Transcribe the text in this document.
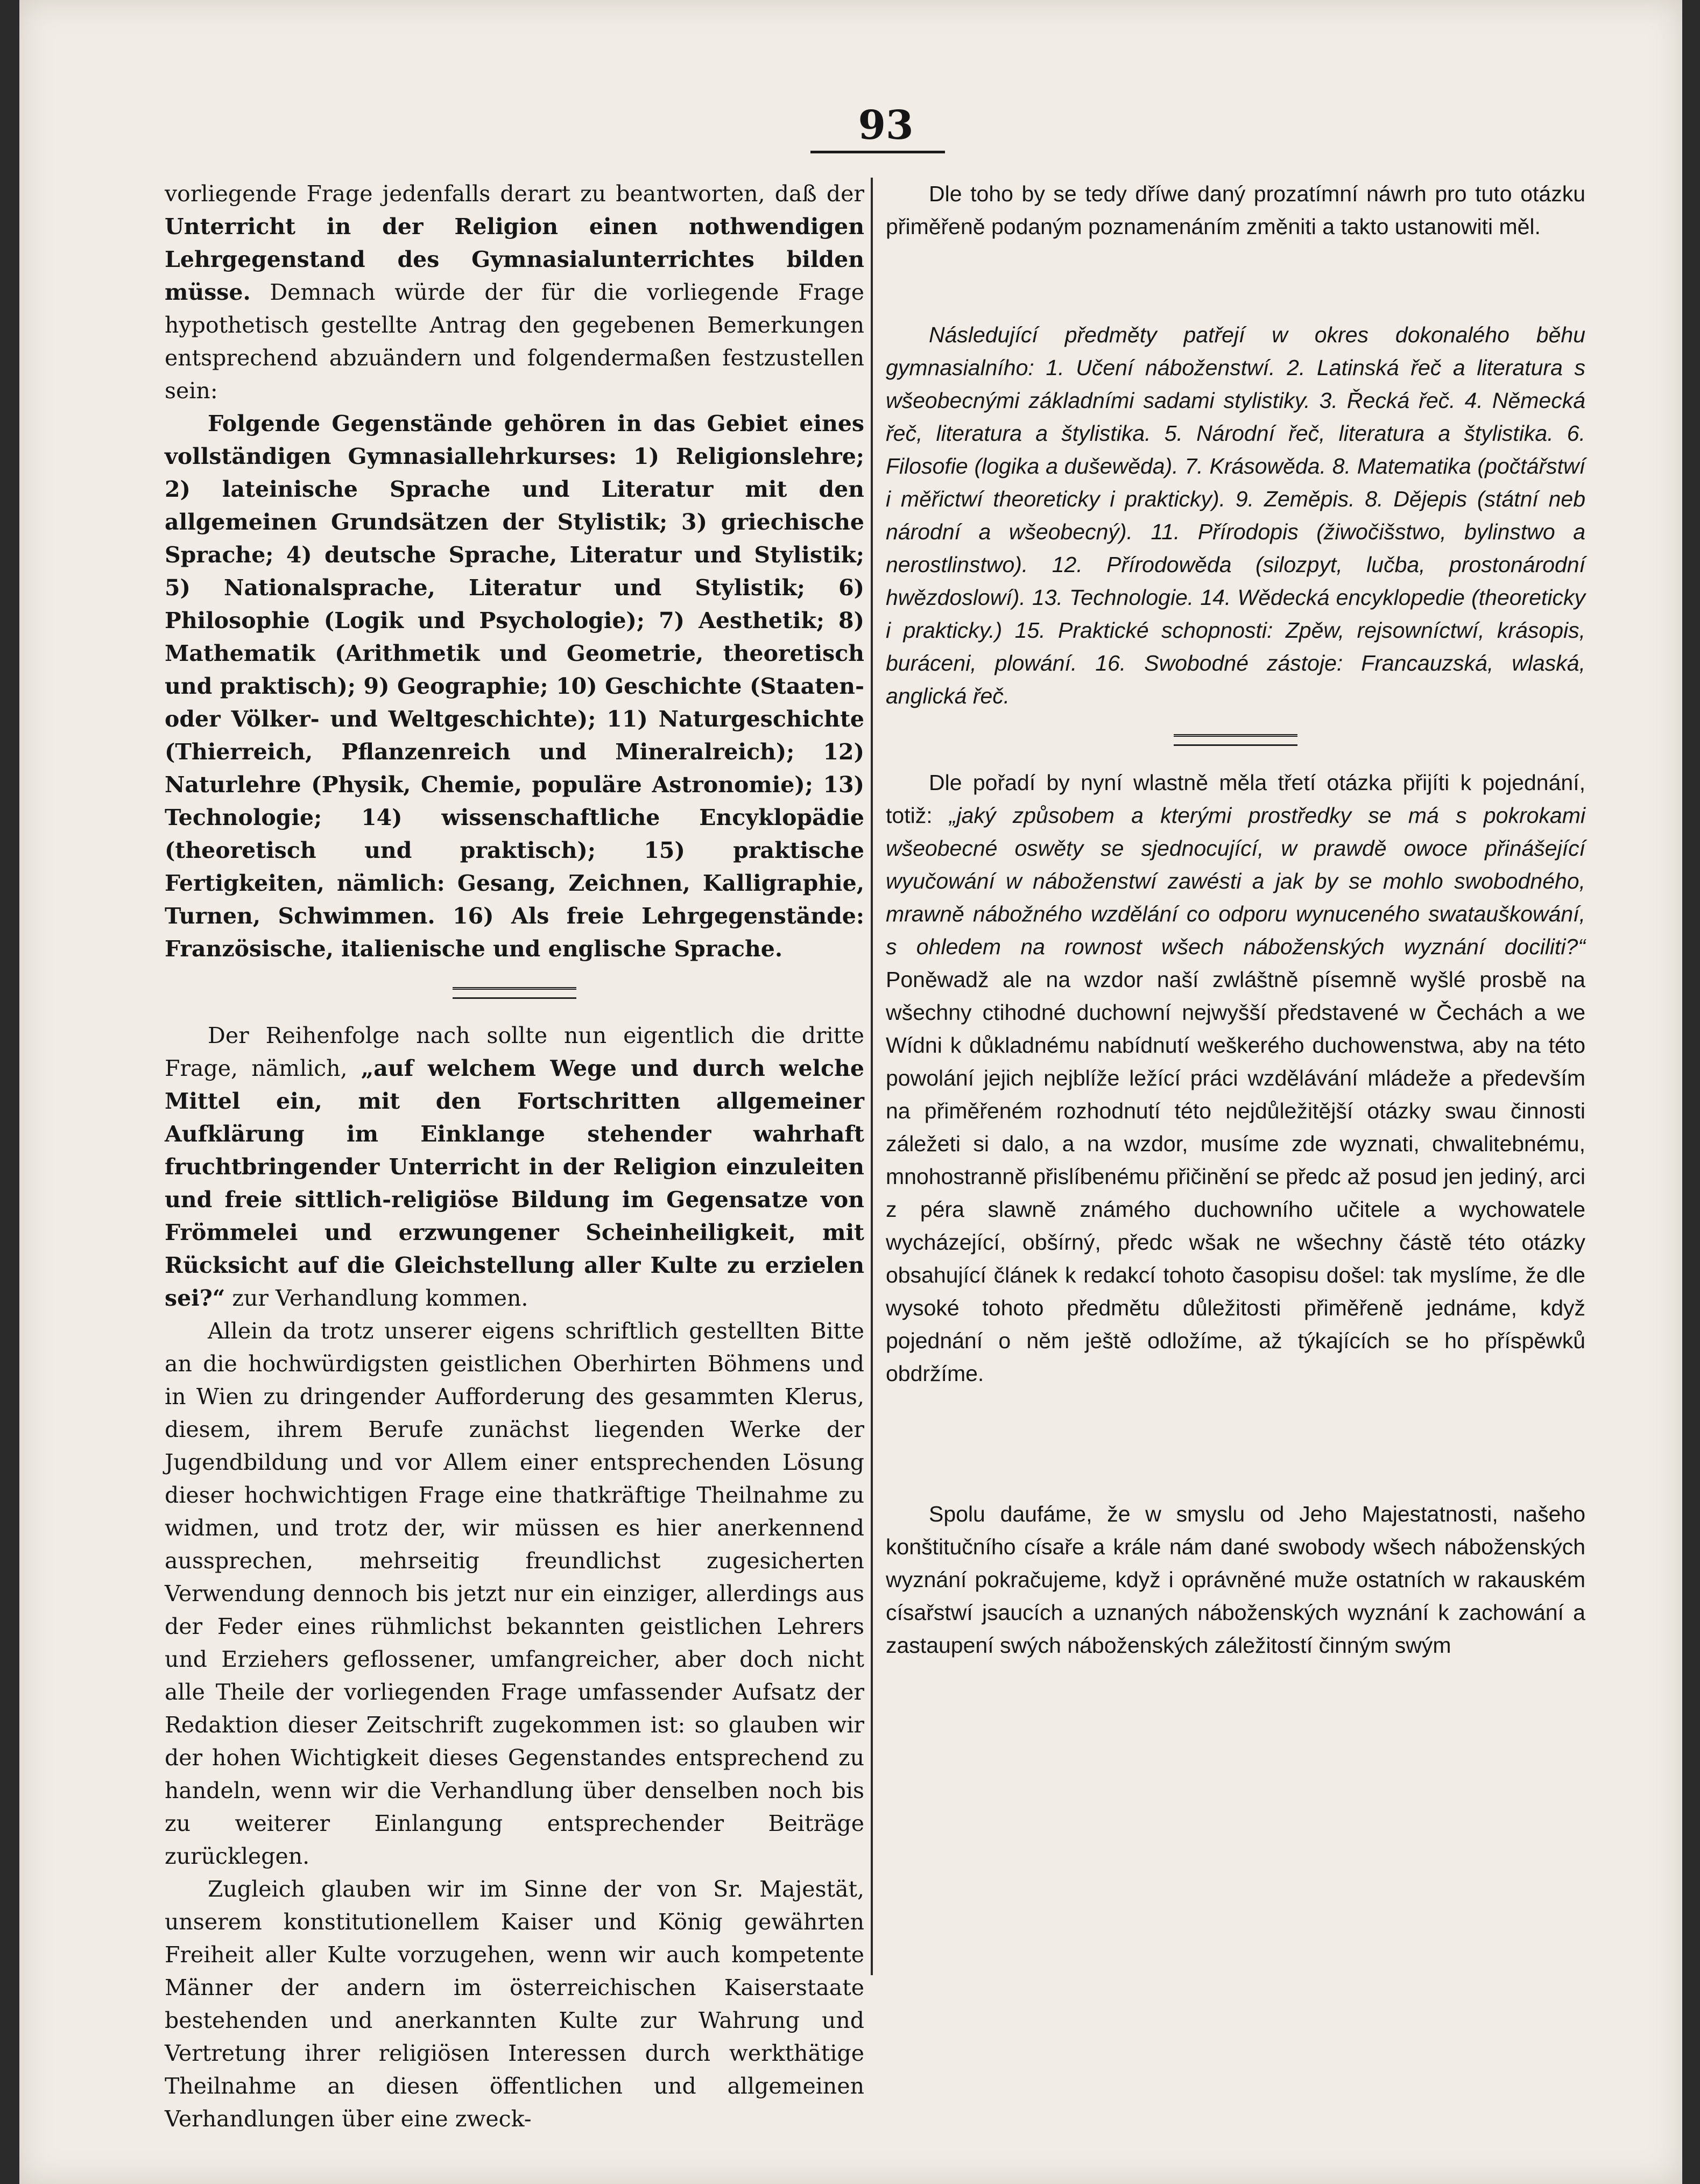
93

vorliegende Frage jedenfalls derart zu beantworten, daß der Unterricht in der Religion einen nothwendigen Lehrgegenstand des Gymnasialunterrichtes bilden müsse. Demnach würde der für die vorliegende Frage hypothetisch gestellte Antrag den gegebenen Bemerkungen entsprechend abzuändern und folgendermaßen festzustellen sein:

Folgende Gegenstände gehören in das Gebiet eines vollständigen Gymnasiallehrkurses: 1) Religionslehre; 2) lateinische Sprache und Literatur mit den allgemeinen Grundsätzen der Stylistik; 3) griechische Sprache; 4) deutsche Sprache, Literatur und Stylistik; 5) Nationalsprache, Literatur und Stylistik; 6) Philosophie (Logik und Psychologie); 7) Aesthetik; 8) Mathematik (Arithmetik und Geometrie, theoretisch und praktisch); 9) Geographie; 10) Geschichte (Staaten- oder Völker- und Weltgeschichte); 11) Naturgeschichte (Thierreich, Pflanzenreich und Mineralreich); 12) Naturlehre (Physik, Chemie, populäre Astronomie); 13) Technologie; 14) wissenschaftliche Encyklopädie (theoretisch und praktisch); 15) praktische Fertigkeiten, nämlich: Gesang, Zeichnen, Kalligraphie, Turnen, Schwimmen. 16) Als freie Lehrgegenstände: Französische, italienische und englische Sprache.

Der Reihenfolge nach sollte nun eigentlich die dritte Frage, nämlich, „auf welchem Wege und durch welche Mittel ein, mit den Fortschritten allgemeiner Aufklärung im Einklange stehender wahrhaft fruchtbringender Unterricht in der Religion einzuleiten und freie sittlich-religiöse Bildung im Gegensatze von Frömmelei und erzwungener Scheinheiligkeit, mit Rücksicht auf die Gleichstellung aller Kulte zu erzielen sei?“ zur Verhandlung kommen.

Allein da trotz unserer eigens schriftlich gestellten Bitte an die hochwürdigsten geistlichen Oberhirten Böhmens und in Wien zu dringender Aufforderung des gesammten Klerus, diesem, ihrem Berufe zunächst liegenden Werke der Jugendbildung und vor Allem einer entsprechenden Lösung dieser hochwichtigen Frage eine thatkräftige Theilnahme zu widmen, und trotz der, wir müssen es hier anerkennend aussprechen, mehrseitig freundlichst zugesicherten Verwendung dennoch bis jetzt nur ein einziger, allerdings aus der Feder eines rühmlichst bekannten geistlichen Lehrers und Erziehers geflossener, umfangreicher, aber doch nicht alle Theile der vorliegenden Frage umfassender Aufsatz der Redaktion dieser Zeitschrift zugekommen ist: so glauben wir der hohen Wichtigkeit dieses Gegenstandes entsprechend zu handeln, wenn wir die Verhandlung über denselben noch bis zu weiterer Einlangung entsprechender Beiträge zurücklegen.

Zugleich glauben wir im Sinne der von Sr. Majestät, unserem konstitutionellem Kaiser und König gewährten Freiheit aller Kulte vorzugehen, wenn wir auch kompetente Männer der andern im österreichischen Kaiserstaate bestehenden und anerkannten Kulte zur Wahrung und Vertretung ihrer religiösen Interessen durch werkthätige Theilnahme an diesen öffentlichen und allgemeinen Verhandlungen über eine zweck-

Dle toho by se tedy dříwe daný prozatímní náwrh pro tuto otázku přiměřeně podaným poznamenáním změniti a takto ustanowiti měl.

Následující předměty patřejí w okres dokonalého běhu gymnasialního: 1. Učení náboženstwí. 2. Latinská řeč a literatura s wšeobecnými základními sadami stylistiky. 3. Řecká řeč. 4. Německá řeč, literatura a štylistika. 5. Národní řeč, literatura a štylistika. 6. Filosofie (logika a dušewěda). 7. Krásowěda. 8. Matematika (počtářstwí i měřictwí theoreticky i prakticky). 9. Zeměpis. 8. Dějepis (státní neb národní a wšeobecný). 11. Přírodopis (žiwočišstwo, bylinstwo a nerostlinstwo). 12. Přírodowěda (silozpyt, lučba, prostonárodní hwězdoslowí). 13. Technologie. 14. Wědecká encyklopedie (theoreticky i prakticky.) 15. Praktické schopnosti: Zpěw, rejsowníctwí, krásopis, buráceni, plowání. 16. Swobodné zástoje: Francauzská, wlaská, anglická řeč.

Dle pořadí by nyní wlastně měla třetí otázka přijíti k pojednání, totiž: „jaký způsobem a kterými prostředky se má s pokrokami wšeobecné oswěty se sjednocující, w prawdě owoce přinášející wyučowání w náboženstwí zawésti a jak by se mohlo swobodného, mrawně nábožného wzdělání co odporu wynuceného swatauškowání, s ohledem na rownost wšech náboženských wyznání dociliti?“ Poněwadž ale na wzdor naší zwláštně písemně wyšlé prosbě na wšechny ctihodné duchowní nejwyšší představené w Čechách a we Wídni k důkladnému nabídnutí weškerého duchowenstwa, aby na této powolání jejich nejblíže ležící práci wzdělávání mládeže a především na přiměřeném rozhodnutí této nejdůležitější otázky swau činnosti záležeti si dalo, a na wzdor, musíme zde wyznati, chwalitebnému, mnohostranně přislíbenému přičinění se předc až posud jen jediný, arci z péra slawně známého duchowního učitele a wychowatele wycházející, obšírný, předc wšak ne wšechny částě této otázky obsahující článek k redakcí tohoto časopisu došel: tak myslíme, že dle wysoké tohoto předmětu důležitosti přiměřeně jednáme, když pojednání o něm ještě odložíme, až týkajících se ho příspěwků obdržíme.

Spolu daufáme, že w smyslu od Jeho Majestatnosti, našeho konštitučního císaře a krále nám dané swobody wšech náboženských wyznání pokračujeme, když i oprávněné muže ostatních w rakauském císařstwí jsaucích a uznaných náboženských wyznání k zachowání a zastaupení swých náboženských záležitostí činným swým
